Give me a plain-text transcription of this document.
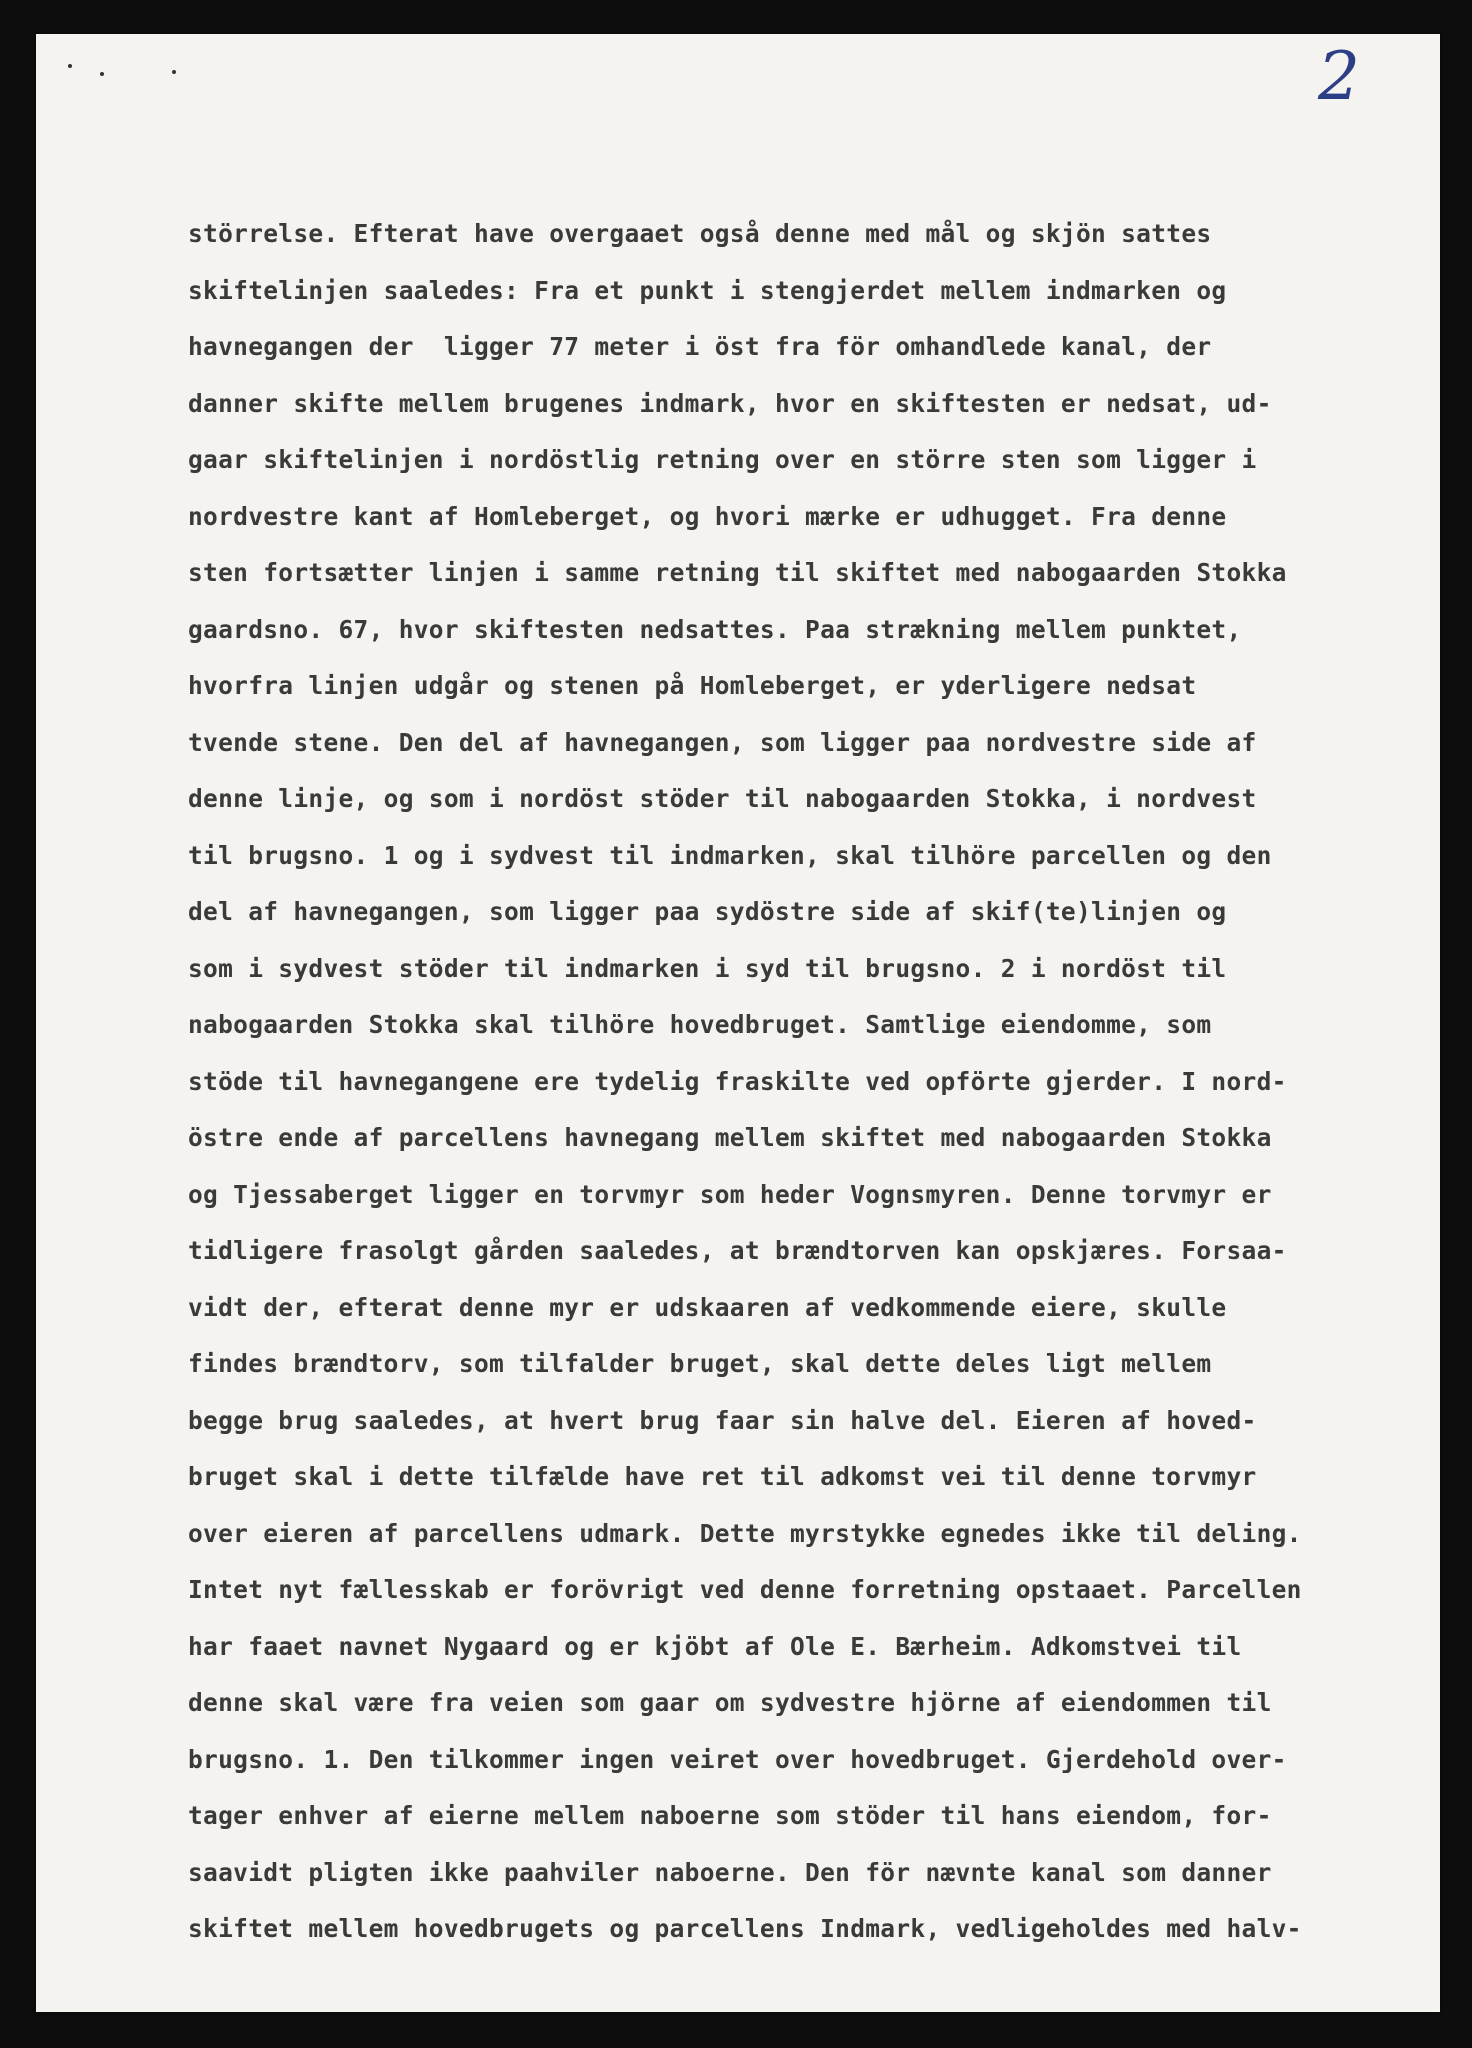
2
störrelse. Efterat have overgaaet også denne med mål og skjön sattes
skiftelinjen saaledes: Fra et punkt i stengjerdet mellem indmarken og
havnegangen der  ligger 77 meter i öst fra för omhandlede kanal, der
danner skifte mellem brugenes indmark, hvor en skiftesten er nedsat, ud-
gaar skiftelinjen i nordöstlig retning over en större sten som ligger i
nordvestre kant af Homleberget, og hvori mærke er udhugget. Fra denne
sten fortsætter linjen i samme retning til skiftet med nabogaarden Stokka
gaardsno. 67, hvor skiftesten nedsattes. Paa strækning mellem punktet,
hvorfra linjen udgår og stenen på Homleberget, er yderligere nedsat
tvende stene. Den del af havnegangen, som ligger paa nordvestre side af
denne linje, og som i nordöst stöder til nabogaarden Stokka, i nordvest
til brugsno. 1 og i sydvest til indmarken, skal tilhöre parcellen og den
del af havnegangen, som ligger paa sydöstre side af skif(te)linjen og
som i sydvest stöder til indmarken i syd til brugsno. 2 i nordöst til
nabogaarden Stokka skal tilhöre hovedbruget. Samtlige eiendomme, som
stöde til havnegangene ere tydelig fraskilte ved opförte gjerder. I nord-
östre ende af parcellens havnegang mellem skiftet med nabogaarden Stokka
og Tjessaberget ligger en torvmyr som heder Vognsmyren. Denne torvmyr er
tidligere frasolgt gården saaledes, at brændtorven kan opskjæres. Forsaa-
vidt der, efterat denne myr er udskaaren af vedkommende eiere, skulle
findes brændtorv, som tilfalder bruget, skal dette deles ligt mellem
begge brug saaledes, at hvert brug faar sin halve del. Eieren af hoved-
bruget skal i dette tilfælde have ret til adkomst vei til denne torvmyr
over eieren af parcellens udmark. Dette myrstykke egnedes ikke til deling.
Intet nyt fællesskab er forövrigt ved denne forretning opstaaet. Parcellen
har faaet navnet Nygaard og er kjöbt af Ole E. Bærheim. Adkomstvei til
denne skal være fra veien som gaar om sydvestre hjörne af eiendommen til
brugsno. 1. Den tilkommer ingen veiret over hovedbruget. Gjerdehold over-
tager enhver af eierne mellem naboerne som stöder til hans eiendom, for-
saavidt pligten ikke paahviler naboerne. Den för nævnte kanal som danner
skiftet mellem hovedbrugets og parcellens Indmark, vedligeholdes med halv-
